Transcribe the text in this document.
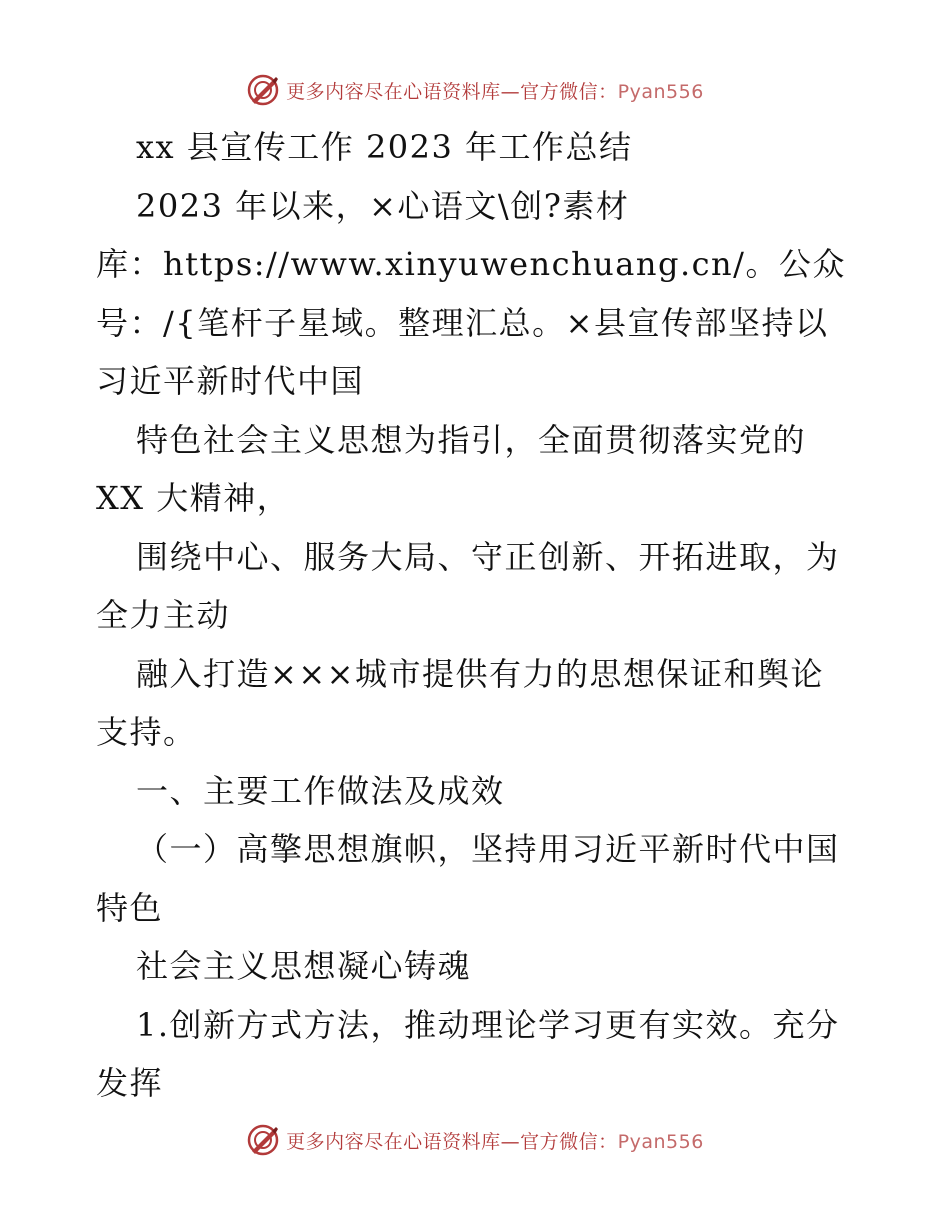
更多内容尽在心语资料库—官方微信：Pyan556

xx 县宣传工作 2023 年工作总结

2023 年以来，×心语文\创?素材

库：https://www.xinyuwenchuang.cn/。公众

号：/{笔杆子星域。整理汇总。×县宣传部坚持以

习近平新时代中国

特色社会主义思想为指引，全面贯彻落实党的

XX 大精神，

围绕中心、服务大局、守正创新、开拓进取，为

全力主动

融入打造×××城市提供有力的思想保证和舆论

支持。

一、主要工作做法及成效

（一）高擎思想旗帜，坚持用习近平新时代中国

特色

社会主义思想凝心铸魂

1.创新方式方法，推动理论学习更有实效。充分

发挥

更多内容尽在心语资料库—官方微信：Pyan556
